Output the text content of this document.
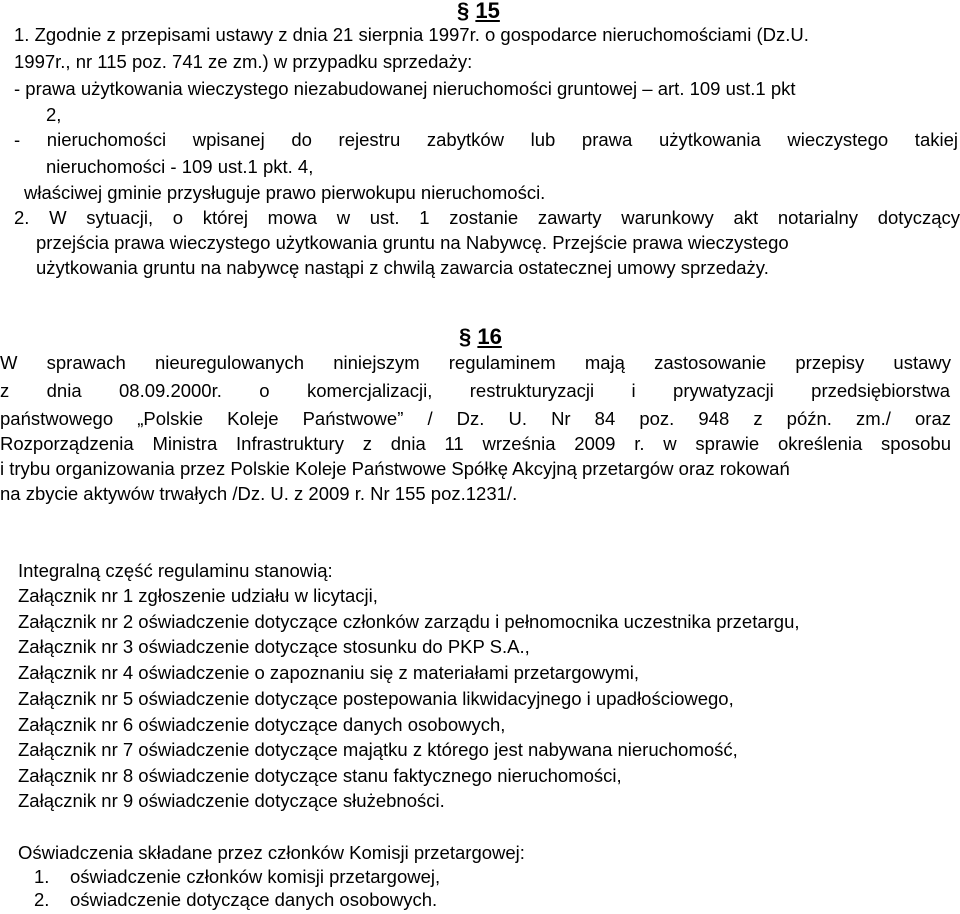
§ 15
1. Zgodnie z przepisami ustawy z dnia 21 sierpnia 1997r. o gospodarce nieruchomościami (Dz.U.
1997r., nr 115 poz. 741 ze zm.) w przypadku sprzedaży:
- prawa użytkowania wieczystego niezabudowanej nieruchomości gruntowej – art. 109 ust.1 pkt
2,
- nieruchomości wpisanej do rejestru zabytków lub prawa użytkowania wieczystego takiej
nieruchomości - 109 ust.1 pkt. 4,
właściwej gminie przysługuje prawo pierwokupu nieruchomości.
2. W sytuacji, o której mowa w ust. 1 zostanie zawarty warunkowy akt notarialny dotyczący
przejścia prawa wieczystego użytkowania gruntu na Nabywcę. Przejście prawa wieczystego
użytkowania gruntu na nabywcę nastąpi z chwilą zawarcia ostatecznej umowy sprzedaży.
§ 16
W sprawach nieuregulowanych niniejszym regulaminem mają zastosowanie przepisy ustawy
z dnia 08.09.2000r. o komercjalizacji, restrukturyzacji i prywatyzacji przedsiębiorstwa
państwowego „Polskie Koleje Państwowe” / Dz. U. Nr 84 poz. 948 z późn. zm./ oraz
Rozporządzenia Ministra Infrastruktury z dnia 11 września 2009 r. w sprawie określenia sposobu
i trybu organizowania przez Polskie Koleje Państwowe Spółkę Akcyjną przetargów oraz rokowań
na zbycie aktywów trwałych /Dz. U. z 2009 r. Nr 155 poz.1231/.
Integralną część regulaminu stanowią:
Załącznik nr 1 zgłoszenie udziału w licytacji,
Załącznik nr 2 oświadczenie dotyczące członków zarządu i pełnomocnika uczestnika przetargu,
Załącznik nr 3 oświadczenie dotyczące stosunku do PKP S.A.,
Załącznik nr 4 oświadczenie o zapoznaniu się z materiałami przetargowymi,
Załącznik nr 5 oświadczenie dotyczące postepowania likwidacyjnego i upadłościowego,
Załącznik nr 6 oświadczenie dotyczące danych osobowych,
Załącznik nr 7 oświadczenie dotyczące majątku z którego jest nabywana nieruchomość,
Załącznik nr 8 oświadczenie dotyczące stanu faktycznego nieruchomości,
Załącznik nr 9 oświadczenie dotyczące służebności.
Oświadczenia składane przez członków Komisji przetargowej:
1. oświadczenie członków komisji przetargowej,
2. oświadczenie dotyczące danych osobowych.
